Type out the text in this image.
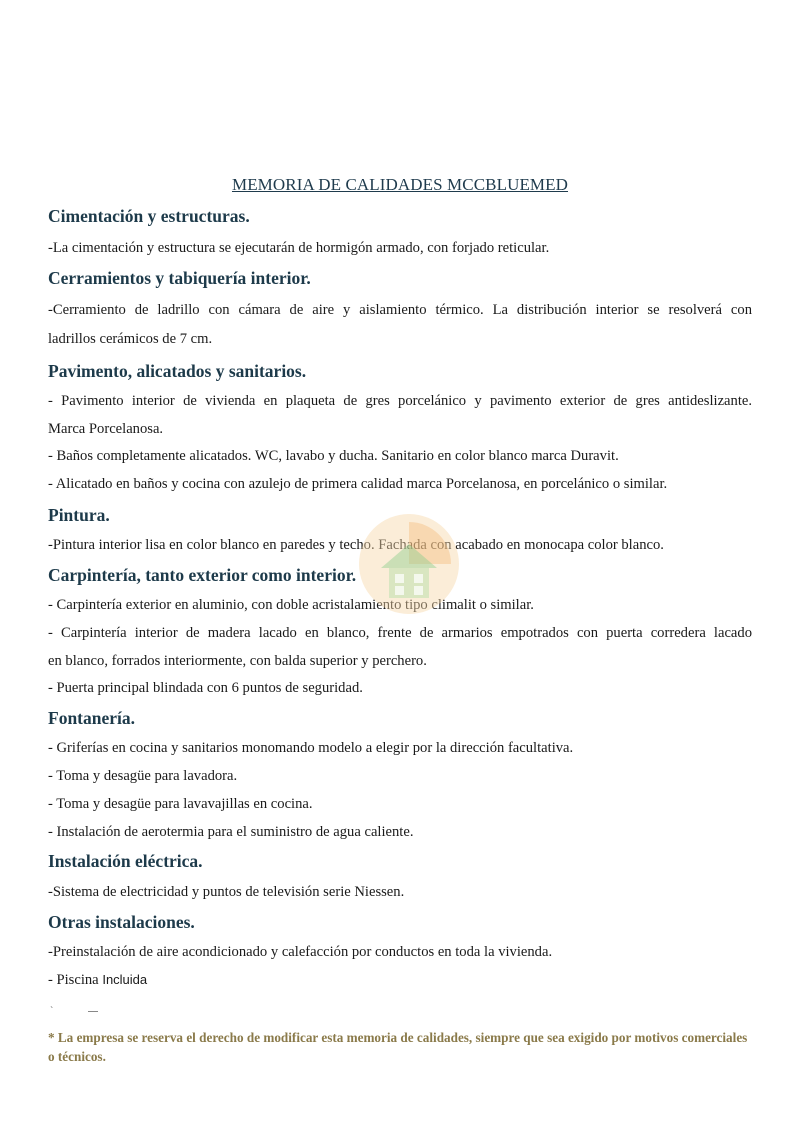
MEMORIA DE CALIDADES MCCBLUEMED
Cimentación y estructuras.
-La cimentación y estructura se ejecutarán de hormigón armado, con forjado reticular.
Cerramientos y tabiquería interior.
-Cerramiento de ladrillo con cámara de aire y aislamiento térmico. La distribución interior se resolverá con
ladrillos cerámicos de 7 cm.
Pavimento, alicatados y sanitarios.
- Pavimento interior de vivienda en plaqueta de gres porcelánico y pavimento exterior de gres antideslizante.
Marca Porcelanosa.
- Baños completamente alicatados. WC, lavabo y ducha. Sanitario en color blanco marca Duravit.
- Alicatado en baños y cocina con azulejo de primera calidad marca Porcelanosa, en porcelánico o similar.
Pintura.
-Pintura interior lisa en color blanco en paredes y techo. Fachada con acabado en monocapa color blanco.
Carpintería, tanto exterior como interior.
- Carpintería exterior en aluminio, con doble acristalamiento tipo climalit o similar.
- Carpintería interior de madera lacado en blanco, frente de armarios empotrados con puerta corredera lacado
en blanco, forrados interiormente, con balda superior y perchero.
- Puerta principal blindada con 6 puntos de seguridad.
Fontanería.
- Griferías en cocina y sanitarios monomando modelo a elegir por la dirección facultativa.
- Toma y desagüe para lavadora.
- Toma y desagüe para lavavajillas en cocina.
- Instalación de aerotermia para el suministro de agua caliente.
Instalación eléctrica.
-Sistema de electricidad y puntos de televisión serie Niessen.
Otras instalaciones.
-Preinstalación de aire acondicionado y calefacción por conductos en toda la vivienda.
- Piscina Incluida
`
* La empresa se reserva el derecho de modificar esta memoria de calidades, siempre que sea exigido por motivos comerciales o técnicos.
